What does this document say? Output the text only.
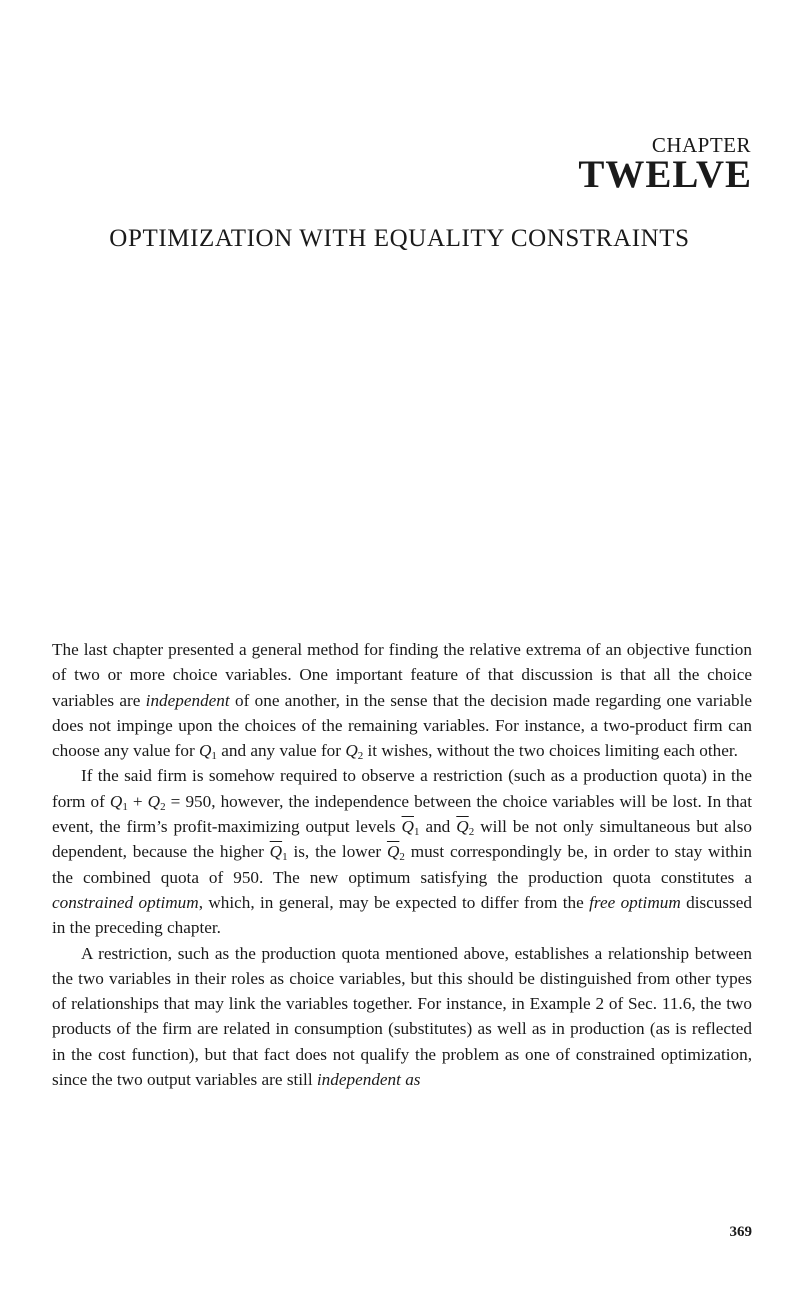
CHAPTER
TWELVE
OPTIMIZATION WITH EQUALITY CONSTRAINTS

The last chapter presented a general method for finding the relative extrema of an objective function of two or more choice variables. One important feature of that discussion is that all the choice variables are independent of one another, in the sense that the decision made regarding one variable does not impinge upon the choices of the remaining variables. For instance, a two-product firm can choose any value for $Q_1$ and any value for $Q_2$ it wishes, without the two choices limiting each other.

If the said firm is somehow required to observe a restriction (such as a production quota) in the form of $Q_1 + Q_2 = 950$, however, the independence between the choice variables will be lost. In that event, the firm’s profit-maximizing output levels $\overline{Q}_1$ and $\overline{Q}_2$ will be not only simultaneous but also dependent, because the higher $\overline{Q}_1$ is, the lower $\overline{Q}_2$ must correspondingly be, in order to stay within the combined quota of 950. The new optimum satisfying the production quota constitutes a constrained optimum, which, in general, may be expected to differ from the free optimum discussed in the preceding chapter.

A restriction, such as the production quota mentioned above, establishes a relationship between the two variables in their roles as choice variables, but this should be distinguished from other types of relationships that may link the variables together. For instance, in Example 2 of Sec. 11.6, the two products of the firm are related in consumption (substitutes) as well as in production (as is reflected in the cost function), but that fact does not qualify the problem as one of constrained optimization, since the two output variables are still independent as

369
